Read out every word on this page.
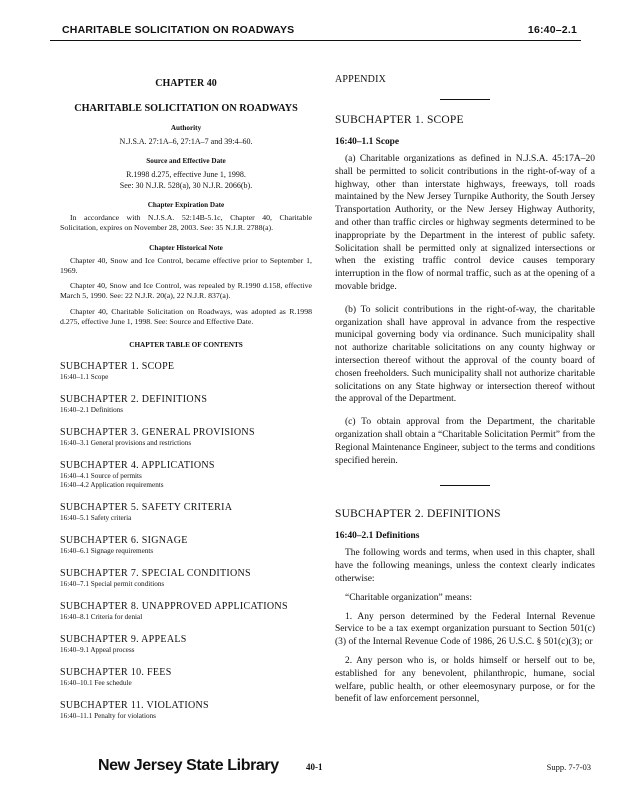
CHARITABLE SOLICITATION ON ROADWAYS	16:40–2.1
CHAPTER 40
CHARITABLE SOLICITATION ON ROADWAYS
Authority
N.J.S.A. 27:1A–6, 27:1A–7 and 39:4–60.
Source and Effective Date
R.1998 d.275, effective June 1, 1998.
See: 30 N.J.R. 528(a), 30 N.J.R. 2066(b).
Chapter Expiration Date

In accordance with N.J.S.A. 52:14B-5.1c, Chapter 40, Charitable Solicitation, expires on November 28, 2003. See: 35 N.J.R. 2788(a).

Chapter Historical Note

Chapter 40, Snow and Ice Control, became effective prior to September 1, 1969.

Chapter 40, Snow and Ice Control, was repealed by R.1990 d.158, effective March 5, 1990. See: 22 N.J.R. 20(a), 22 N.J.R. 837(a).

Chapter 40, Charitable Solicitation on Roadways, was adopted as R.1998 d.275, effective June 1, 1998. See: Source and Effective Date.

CHAPTER TABLE OF CONTENTS
SUBCHAPTER 1. SCOPE
16:40–1.1 Scope
SUBCHAPTER 2. DEFINITIONS
16:40–2.1 Definitions
SUBCHAPTER 3. GENERAL PROVISIONS
16:40–3.1 General provisions and restrictions
SUBCHAPTER 4. APPLICATIONS
16:40–4.1 Source of permits
16:40–4.2 Application requirements
SUBCHAPTER 5. SAFETY CRITERIA
16:40–5.1 Safety criteria
SUBCHAPTER 6. SIGNAGE
16:40–6.1 Signage requirements
SUBCHAPTER 7. SPECIAL CONDITIONS
16:40–7.1 Special permit conditions
SUBCHAPTER 8. UNAPPROVED APPLICATIONS
16:40–8.1 Criteria for denial
SUBCHAPTER 9. APPEALS
16:40–9.1 Appeal process
SUBCHAPTER 10. FEES
16:40–10.1 Fee schedule
SUBCHAPTER 11. VIOLATIONS
16:40–11.1 Penalty for violations
APPENDIX
SUBCHAPTER 1. SCOPE
16:40–1.1 Scope

(a) Charitable organizations as defined in N.J.S.A. 45:17A–20 shall be permitted to solicit contributions in the right-of-way of a highway, other than interstate highways, freeways, toll roads maintained by the New Jersey Turnpike Authority, the South Jersey Transportation Authority, or the New Jersey Highway Authority, and other than traffic circles or highway segments determined to be inappropriate by the Department in the interest of public safety. Solicitation shall be permitted only at signalized intersections or when the existing traffic control device causes temporary interruption in the flow of normal traffic, such as at the opening of a movable bridge.

(b) To solicit contributions in the right-of-way, the charitable organization shall have approval in advance from the respective municipal governing body via ordinance. Such municipality shall not authorize charitable solicitations on any county highway or intersection thereof without the approval of the county board of chosen freeholders. Such municipality shall not authorize charitable solicitations on any State highway or intersection thereof without the approval of the Department.

(c) To obtain approval from the Department, the charitable organization shall obtain a “Charitable Solicitation Permit” from the Regional Maintenance Engineer, subject to the terms and conditions specified herein.

SUBCHAPTER 2. DEFINITIONS
16:40–2.1 Definitions

The following words and terms, when used in this chapter, shall have the following meanings, unless the context clearly indicates otherwise:

“Charitable organization” means:

1. Any person determined by the Federal Internal Revenue Service to be a tax exempt organization pursuant to Section 501(c)(3) of the Internal Revenue Code of 1986, 26 U.S.C. § 501(c)(3); or

2. Any person who is, or holds himself or herself out to be, established for any benevolent, philanthropic, humane, social welfare, public health, or other eleemosynary purpose, or for the benefit of law enforcement personnel,

New Jersey State Library	40-1	Supp. 7-7-03
